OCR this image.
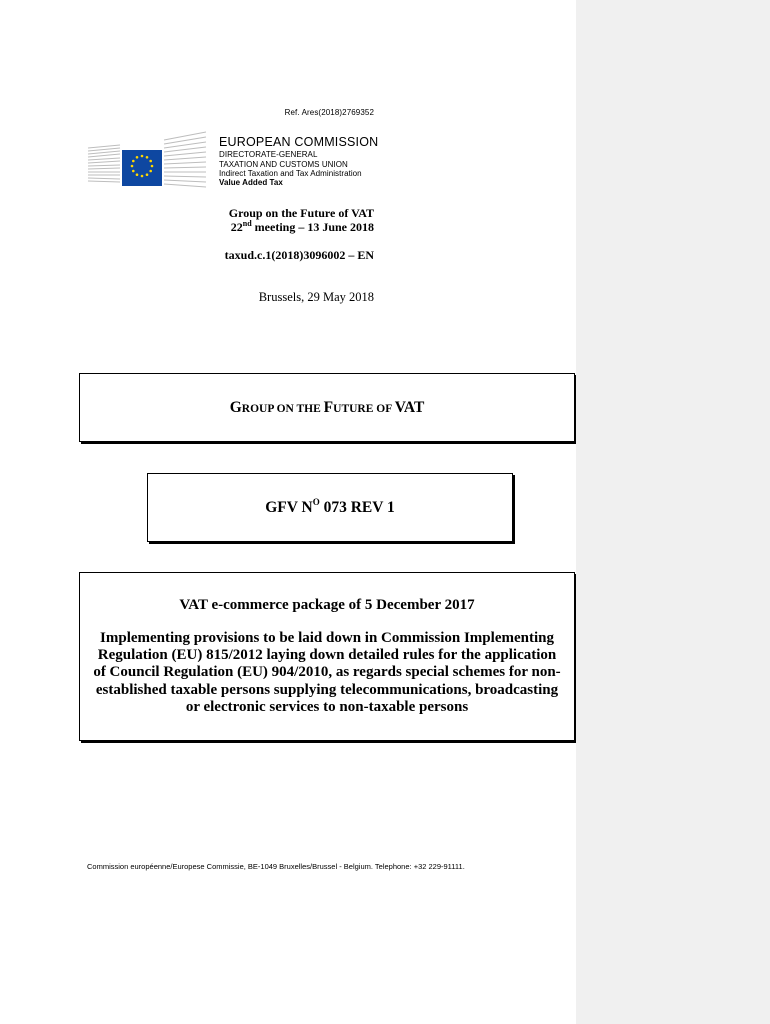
Ref. Ares(2018)2769352
EUROPEAN COMMISSION
DIRECTORATE-GENERAL
TAXATION AND CUSTOMS UNION
Indirect Taxation and Tax Administration
Value Added Tax
Group on the Future of VAT
22nd meeting – 13 June 2018
taxud.c.1(2018)3096002 – EN
Brussels, 29 May 2018
GROUP ON THE FUTURE OF VAT
GFV $N^O$ 073 REV 1
VAT e-commerce package of 5 December 2017
Implementing provisions to be laid down in Commission Implementing Regulation (EU) 815/2012 laying down detailed rules for the application of Council Regulation (EU) 904/2010, as regards special schemes for non-established taxable persons supplying telecommunications, broadcasting or electronic services to non-taxable persons
Commission européenne/Europese Commissie, BE-1049 Bruxelles/Brussel - Belgium. Telephone: +32 229-91111.
